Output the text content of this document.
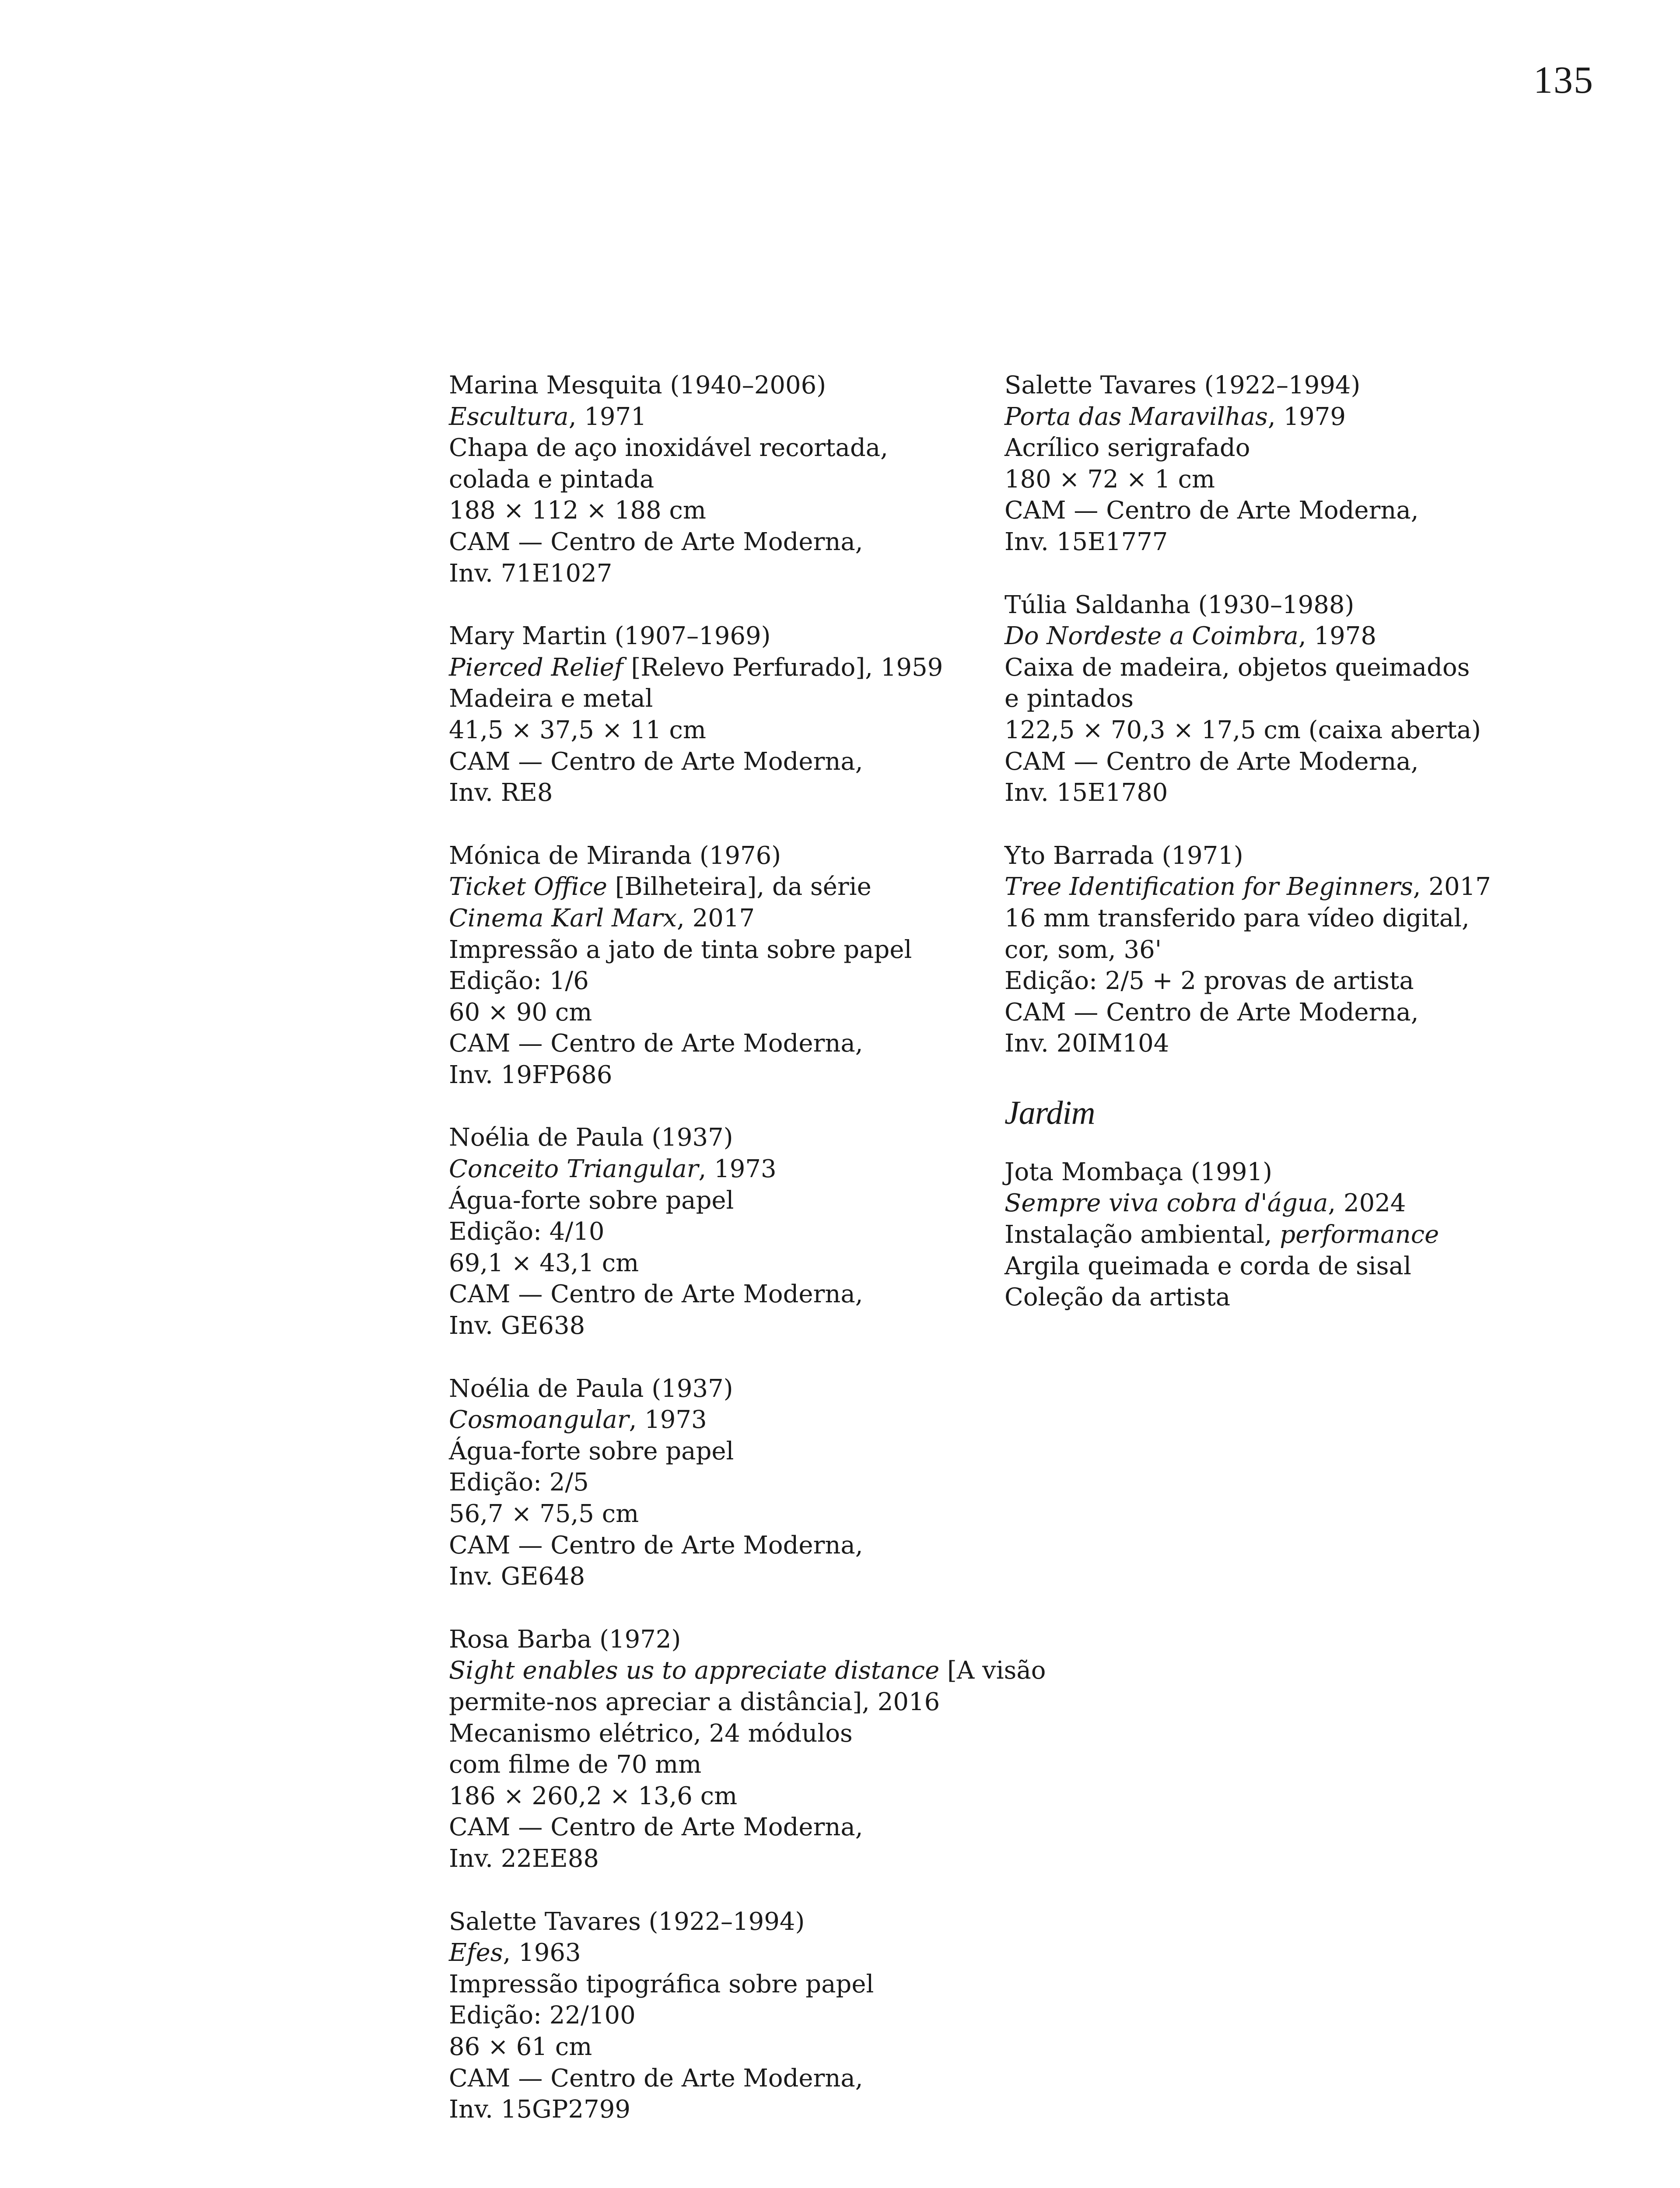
135
Marina Mesquita (1940–2006)
Escultura, 1971
Chapa de aço inoxidável recortada,
colada e pintada
188 × 112 × 188 cm
CAM — Centro de Arte Moderna,
Inv. 71E1027
Mary Martin (1907–1969)
Pierced Relief [Relevo Perfurado], 1959
Madeira e metal
41,5 × 37,5 × 11 cm
CAM — Centro de Arte Moderna,
Inv. RE8
Mónica de Miranda (1976)
Ticket Office [Bilheteira], da série
Cinema Karl Marx, 2017
Impressão a jato de tinta sobre papel
Edição: 1/6
60 × 90 cm
CAM — Centro de Arte Moderna,
Inv. 19FP686
Noélia de Paula (1937)
Conceito Triangular, 1973
Água-forte sobre papel
Edição: 4/10
69,1 × 43,1 cm
CAM — Centro de Arte Moderna,
Inv. GE638
Noélia de Paula (1937)
Cosmoangular, 1973
Água-forte sobre papel
Edição: 2/5
56,7 × 75,5 cm
CAM — Centro de Arte Moderna,
Inv. GE648
Rosa Barba (1972)
Sight enables us to appreciate distance [A visão
permite-nos apreciar a distância], 2016
Mecanismo elétrico, 24 módulos
com filme de 70 mm
186 × 260,2 × 13,6 cm
CAM — Centro de Arte Moderna,
Inv. 22EE88
Salette Tavares (1922–1994)
Efes, 1963
Impressão tipográfica sobre papel
Edição: 22/100
86 × 61 cm
CAM — Centro de Arte Moderna,
Inv. 15GP2799
Salette Tavares (1922–1994)
Porta das Maravilhas, 1979
Acrílico serigrafado
180 × 72 × 1 cm
CAM — Centro de Arte Moderna,
Inv. 15E1777
Túlia Saldanha (1930–1988)
Do Nordeste a Coimbra, 1978
Caixa de madeira, objetos queimados
e pintados
122,5 × 70,3 × 17,5 cm (caixa aberta)
CAM — Centro de Arte Moderna,
Inv. 15E1780
Yto Barrada (1971)
Tree Identification for Beginners, 2017
16 mm transferido para vídeo digital,
cor, som, 36'
Edição: 2/5 + 2 provas de artista
CAM — Centro de Arte Moderna,
Inv. 20IM104
Jardim
Jota Mombaça (1991)
Sempre viva cobra d'água, 2024
Instalação ambiental, performance
Argila queimada e corda de sisal
Coleção da artista
